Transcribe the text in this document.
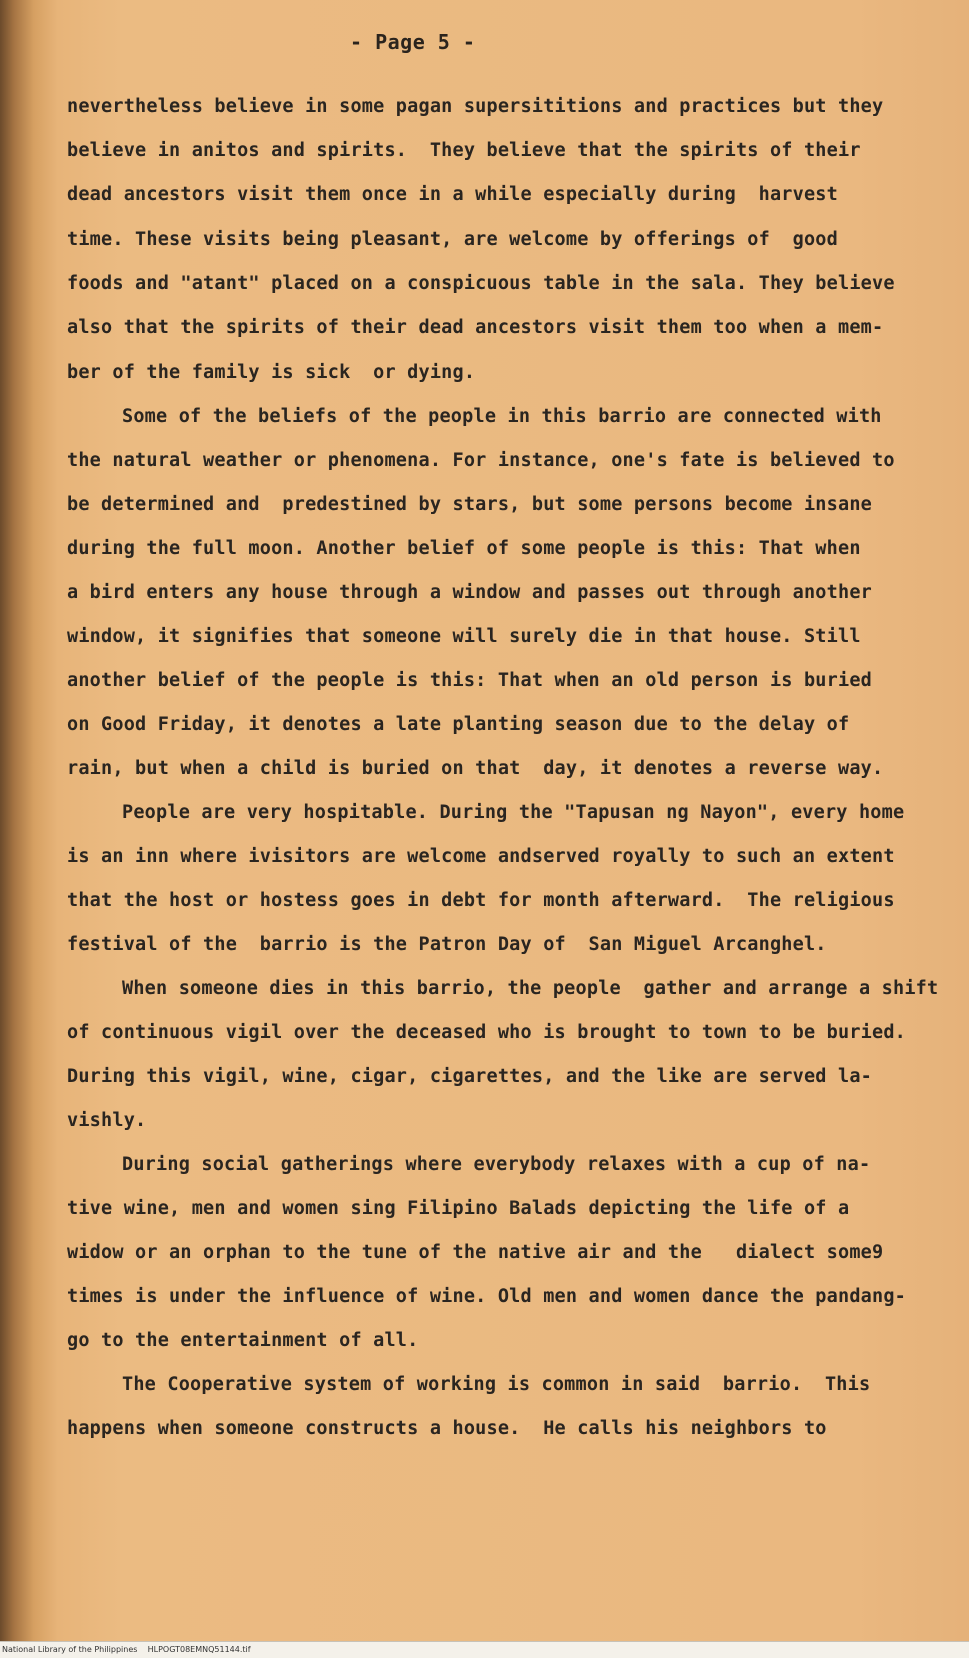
- Page 5 -
nevertheless believe in some pagan supersititions and practices but they
believe in anitos and spirits.  They believe that the spirits of their
dead ancestors visit them once in a while especially during  harvest
time. These visits being pleasant, are welcome by offerings of  good
foods and "atant" placed on a conspicuous table in the sala. They believe
also that the spirits of their dead ancestors visit them too when a mem-
ber of the family is sick  or dying.
Some of the beliefs of the people in this barrio are connected with
the natural weather or phenomena. For instance, one's fate is believed to
be determined and  predestined by stars, but some persons become insane
during the full moon. Another belief of some people is this: That when
a bird enters any house through a window and passes out through another
window, it signifies that someone will surely die in that house. Still
another belief of the people is this: That when an old person is buried
on Good Friday, it denotes a late planting season due to the delay of
rain, but when a child is buried on that  day, it denotes a reverse way.
People are very hospitable. During the "Tapusan ng Nayon", every home
is an inn where ivisitors are welcome andserved royally to such an extent
that the host or hostess goes in debt for month afterward.  The religious
festival of the  barrio is the Patron Day of  San Miguel Arcanghel.
When someone dies in this barrio, the people  gather and arrange a shift
of continuous vigil over the deceased who is brought to town to be buried.
During this vigil, wine, cigar, cigarettes, and the like are served la-
vishly.
During social gatherings where everybody relaxes with a cup of na-
tive wine, men and women sing Filipino Balads depicting the life of a
widow or an orphan to the tune of the native air and the   dialect some9
times is under the influence of wine. Old men and women dance the pandang-
go to the entertainment of all.
The Cooperative system of working is common in said  barrio.  This
happens when someone constructs a house.  He calls his neighbors to
National Library of the Philippines    HLPOGT08EMNQ51144.tif
